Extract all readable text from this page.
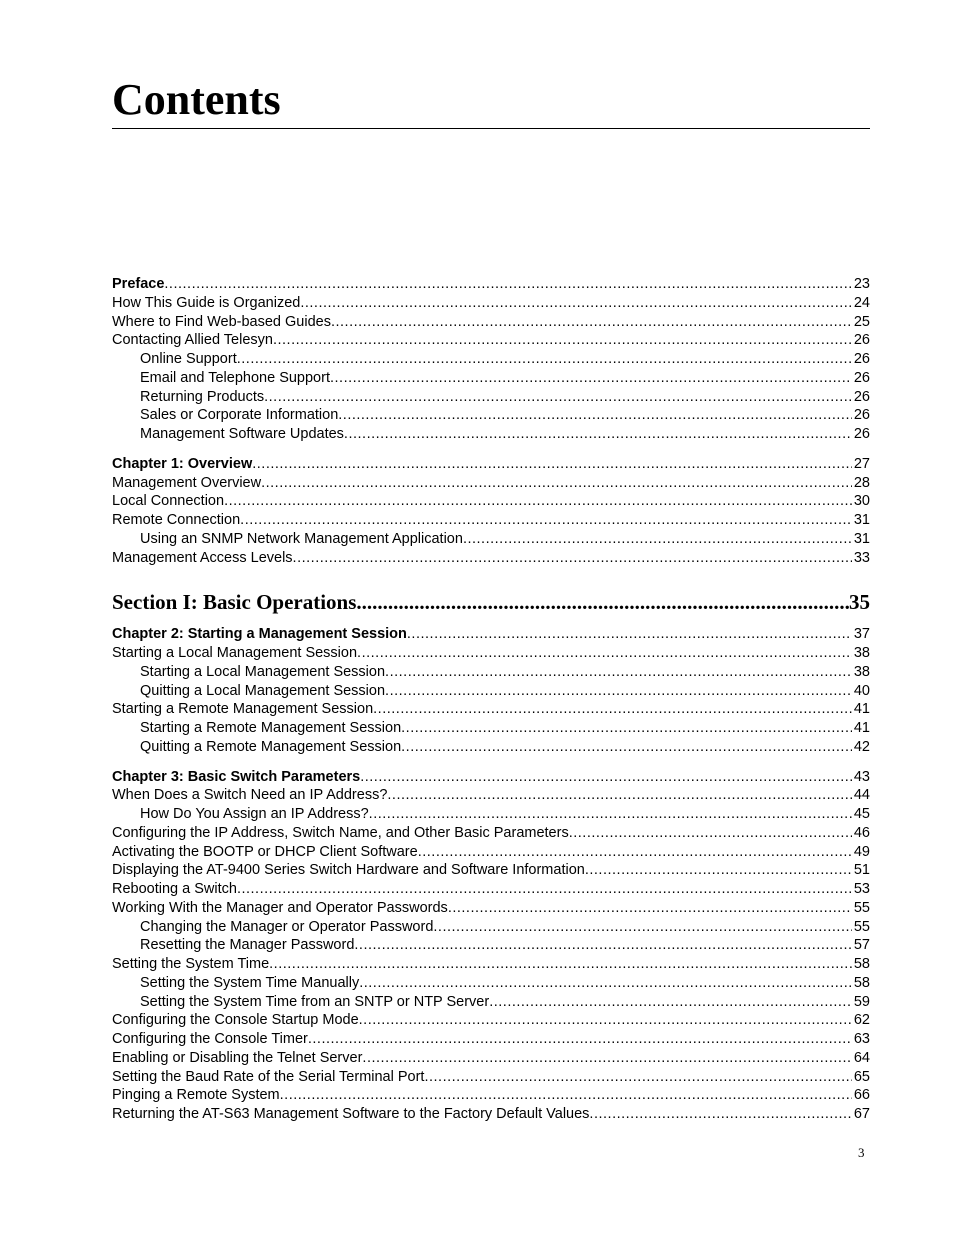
Contents
Preface .....	23
How This Guide is Organized .....	24
Where to Find Web-based Guides .....	25
Contacting Allied Telesyn .....	26
Online Support .....	26
Email and Telephone Support .....	26
Returning Products .....	26
Sales or Corporate Information .....	26
Management Software Updates .....	26
Chapter 1: Overview .....	27
Management Overview .....	28
Local Connection .....	30
Remote Connection .....	31
Using an SNMP Network Management Application .....	31
Management Access Levels .....	33
Section I: Basic Operations .....	35
Chapter 2: Starting a Management Session .....	37
Starting a Local Management Session .....	38
Starting a Local Management Session .....	38
Quitting a Local Management Session .....	40
Starting a Remote Management Session .....	41
Starting a Remote Management Session .....	41
Quitting a Remote Management Session .....	42
Chapter 3: Basic Switch Parameters .....	43
When Does a Switch Need an IP Address? .....	44
How Do You Assign an IP Address? .....	45
Configuring the IP Address, Switch Name, and Other Basic Parameters .....	46
Activating the BOOTP or DHCP Client Software .....	49
Displaying the AT-9400 Series Switch Hardware and Software Information .....	51
Rebooting a Switch .....	53
Working With the Manager and Operator Passwords .....	55
Changing the Manager or Operator Password .....	55
Resetting the Manager Password .....	57
Setting the System Time .....	58
Setting the System Time Manually .....	58
Setting the System Time from an SNTP or NTP Server .....	59
Configuring the Console Startup Mode .....	62
Configuring the Console Timer .....	63
Enabling or Disabling the Telnet Server .....	64
Setting the Baud Rate of the Serial Terminal Port .....	65
Pinging a Remote System .....	66
Returning the AT-S63 Management Software to the Factory Default Values .....	67
3
